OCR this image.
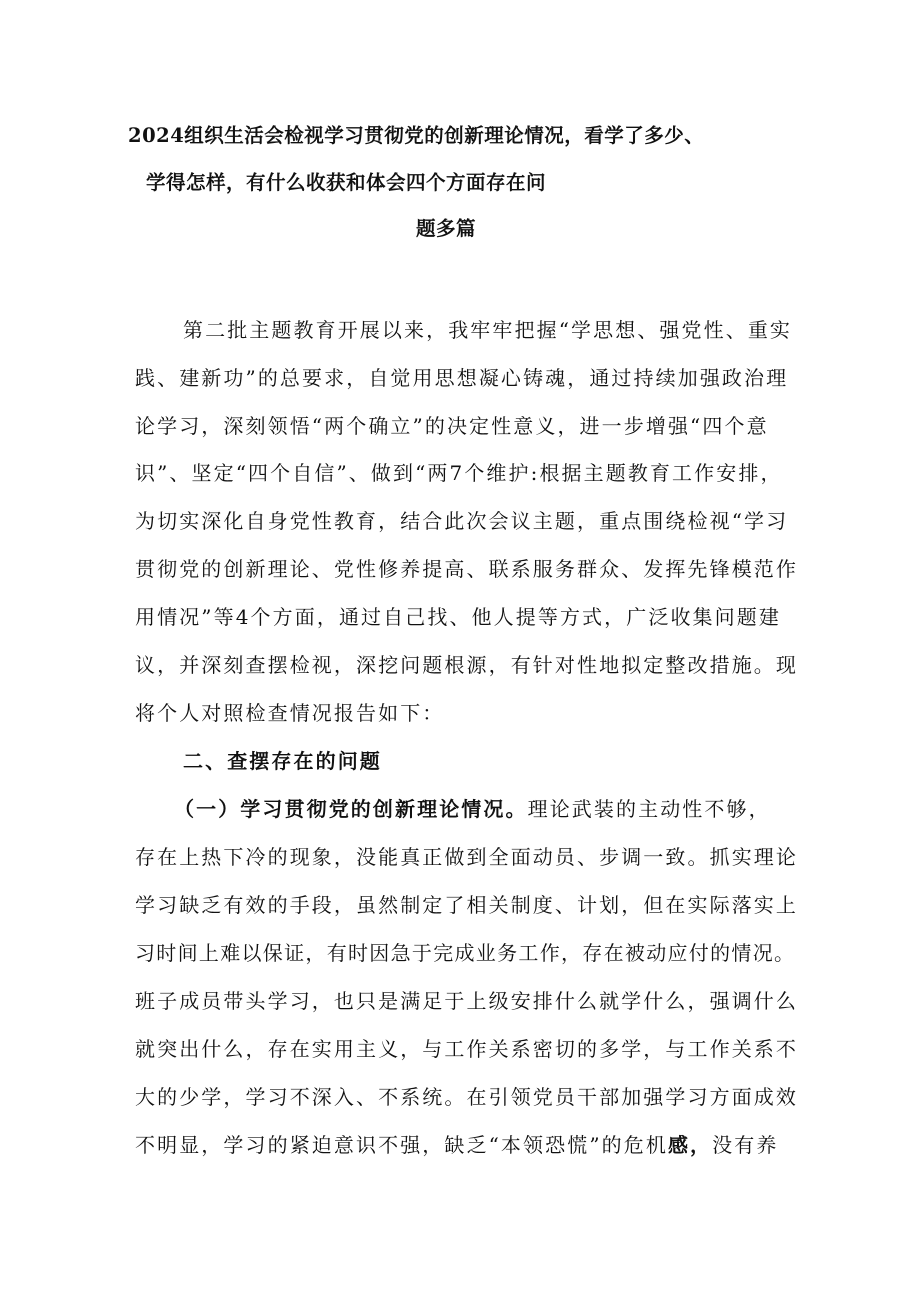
2024组织生活会检视学习贯彻党的创新理论情况，看学了多少、
学得怎样，有什么收获和体会四个方面存在问
题多篇
第二批主题教育开展以来，我牢牢把握“学思想、强党性、重实
践、建新功”的总要求，自觉用思想凝心铸魂，通过持续加强政治理
论学习，深刻领悟“两个确立”的决定性意义，进一步增强“四个意
识”、坚定“四个自信”、做到“两7个维护:根据主题教育工作安排，
为切实深化自身党性教育，结合此次会议主题，重点围绕检视“学习
贯彻党的创新理论、党性修养提高、联系服务群众、发挥先锋模范作
用情况”等4个方面，通过自己找、他人提等方式，广泛收集问题建
议，并深刻查摆检视，深挖问题根源，有针对性地拟定整改措施。现
将个人对照检查情况报告如下：
二、查摆存在的问题
（一）学习贯彻党的创新理论情况。理论武装的主动性不够，
存在上热下冷的现象，没能真正做到全面动员、步调一致。抓实理论
学习缺乏有效的手段，虽然制定了相关制度、计划，但在实际落实上
习时间上难以保证，有时因急于完成业务工作，存在被动应付的情况。
班子成员带头学习，也只是满足于上级安排什么就学什么，强调什么
就突出什么，存在实用主义，与工作关系密切的多学，与工作关系不
大的少学，学习不深入、不系统。在引领党员干部加强学习方面成效
不明显，学习的紧迫意识不强，缺乏“本领恐慌”的危机感，没有养
